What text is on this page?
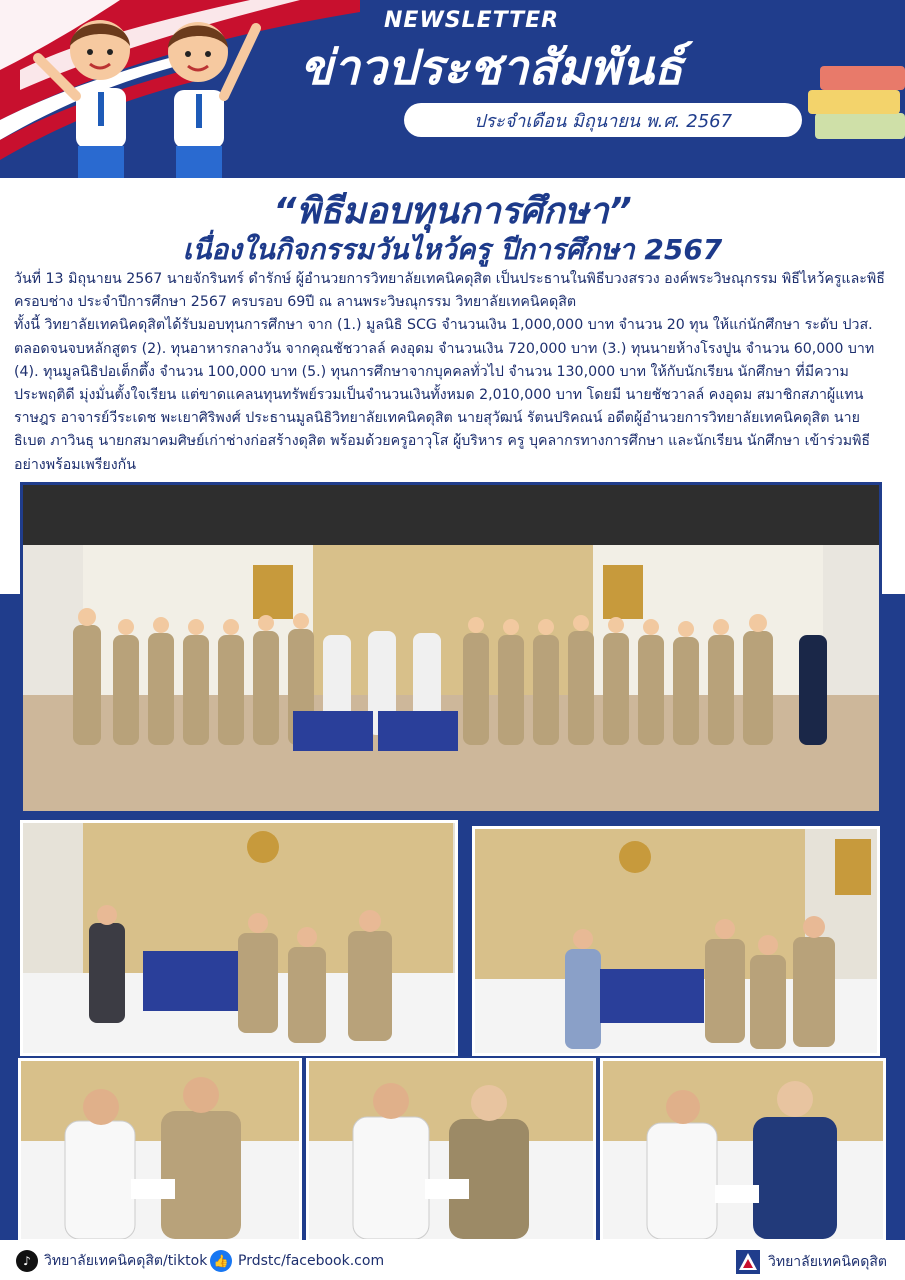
NEWSLETTER
ข่าวประชาสัมพันธ์
ประจำเดือน มิถุนายน พ.ศ. 2567
“พิธีมอบทุนการศึกษา”
เนื่องในกิจกรรมวันไหว้ครู ปีการศึกษา 2567

วันที่ 13 มิถุนายน 2567 นายจักรินทร์ ดำรักษ์ ผู้อำนวยการวิทยาลัยเทคนิคดุสิต เป็นประธานในพิธีบวงสรวง องค์พระวิษณุกรรม พิธีไหว้ครูและพิธีครอบช่าง ประจำปีการศึกษา 2567 ครบรอบ 69ปี ณ ลานพระวิษณุกรรม วิทยาลัยเทคนิคดุสิต

ทั้งนี้ วิทยาลัยเทคนิคดุสิตได้รับมอบทุนการศึกษา จาก (1.) มูลนิธิ SCG จำนวนเงิน 1,000,000 บาท จำนวน 20 ทุน ให้แก่นักศึกษา ระดับ ปวส. ตลอดจนจบหลักสูตร (2). ทุนอาหารกลางวัน จากคุณชัชวาลล์ คงอุดม จำนวนเงิน 720,000 บาท (3.) ทุนนายห้างโรงปูน จำนวน 60,000 บาท (4). ทุนมูลนิธิปอเต็กตึ้ง จำนวน 100,000 บาท (5.) ทุนการศึกษาจากบุคคลทั่วไป จำนวน 130,000 บาท ให้กับนักเรียน นักศึกษา ที่มีความประพฤติดี มุ่งมั่นตั้งใจเรียน แต่ขาดแคลนทุนทรัพย์รวมเป็นจำนวนเงินทั้งหมด 2,010,000 บาท โดยมี นายชัชวาลล์ คงอุดม สมาชิกสภาผู้แทนราษฎร อาจารย์วีระเดช พะเยาศิริพงศ์ ประธานมูลนิธิวิทยาลัยเทคนิคดุสิต นายสุวัฒน์ รัตนปริคณน์ อดีตผู้อำนวยการวิทยาลัยเทคนิคดุสิต นายธิเบต ภาวินธุ นายกสมาคมศิษย์เก่าช่างก่อสร้างดุสิต พร้อมด้วยครูอาวุโส ผู้บริหาร ครู บุคลากรทางการศึกษา และนักเรียน นักศึกษา เข้าร่วมพิธีอย่างพร้อมเพรียงกัน

♪ วิทยาลัยเทคนิคดุสิต/tiktok 👍 Prdstc/facebook.com	วิทยาลัยเทคนิคดุสิต
